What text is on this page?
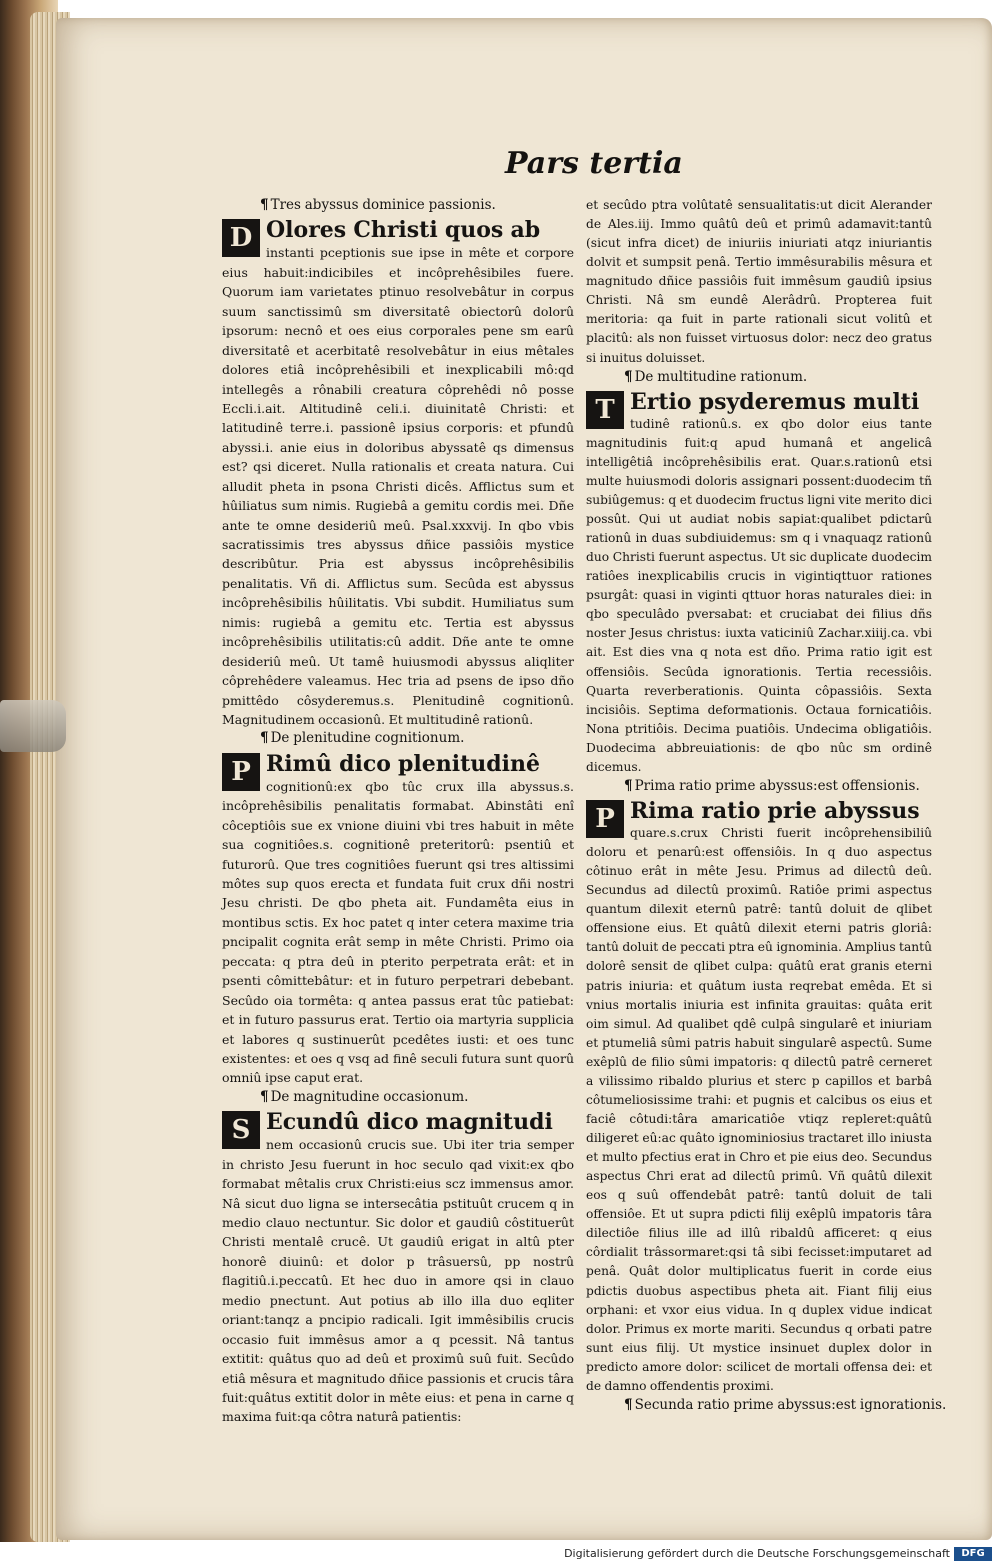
Pars tertia
¶ Tres abyssus dominice passionis.

D Olores Christi quos ab
instanti pceptionis sue ipse in mête et corpore eius habuit:indicibiles et incôprehêsibiles fuere. Quorum iam varietates ptinuo resolvebâtur in corpus suum sanctissimû sm diversitatê obiectorû dolorû ipsorum: necnô et oes eius corporales pene sm earû diversitatê et acerbitatê resolvebâtur in eius mêtales dolores etiâ incôprehêsibili et inexplicabili mô:qd intellegês a rônabili creatura côprehêdi nô posse Eccli.i.ait. Altitudinê celi.i. diuinitatê Christi: et latitudinê terre.i. passionê ipsius corporis: et pfundû abyssi.i. anie eius in doloribus abyssatê qs dimensus est? qsi diceret. Nulla rationalis et creata natura. Cui alludit pheta in psona Christi dicês. Afflictus sum et hûiliatus sum nimis. Rugiebâ a gemitu cordis mei. Dñe ante te omne desideriû meû. Psal.xxxvij. In qbo vbis sacratissimis tres abyssus dñice passiôis mystice describûtur. Pria est abyssus incôprehêsibilis penalitatis. Vñ di. Afflictus sum. Secûda est abyssus incôprehêsibilis hûilitatis. Vbi subdit. Humiliatus sum nimis: rugiebâ a gemitu etc. Tertia est abyssus incôprehêsibilis utilitatis:cû addit. Dñe ante te omne desideriû meû. Ut tamê huiusmodi abyssus aliqliter côprehêdere valeamus. Hec tria ad psens de ipso dño pmittêdo côsyderemus.s. Plenitudinê cognitionû. Magnitudinem occasionû. Et multitudinê rationû.

¶ De plenitudine cognitionum.

P Rimû dico plenitudinê
cognitionû:ex qbo tûc crux illa abyssus.s. incôprehêsibilis penalitatis formabat. Abinstâti enî côceptiôis sue ex vnione diuini vbi tres habuit in mête sua cognitiôes.s. cognitionê preteritorû: psentiû et futurorû. Que tres cognitiôes fuerunt qsi tres altissimi môtes sup quos erecta et fundata fuit crux dñi nostri Jesu christi. De qbo pheta ait. Fundamêta eius in montibus sctis. Ex hoc patet q inter cetera maxime tria pncipalit cognita erât semp in mête Christi. Primo oia peccata: q ptra deû in pterito perpetrata erât: et in psenti cômittebâtur: et in futuro perpetrari debebant. Secûdo oia tormêta: q antea passus erat tûc patiebat: et in futuro passurus erat. Tertio oia martyria supplicia et labores q sustinuerût pcedêtes iusti: et oes tunc existentes: et oes q vsq ad finê seculi futura sunt quorû omniû ipse caput erat.

¶ De magnitudine occasionum.

S Ecundû dico magnitudi
nem occasionû crucis sue. Ubi iter tria semper in christo Jesu fuerunt in hoc seculo qad vixit:ex qbo formabat mêtalis crux Christi:eius scz immensus amor. Nâ sicut duo ligna se intersecâtia pstituût crucem q in medio clauo nectuntur. Sic dolor et gaudiû côstituerût Christi mentalê crucê. Ut gaudiû erigat in altû pter honorê diuinû: et dolor p trâsuersû, pp nostrû flagitiû.i.peccatû. Et hec duo in amore qsi in clauo medio pnectunt. Aut potius ab illo illa duo eqliter oriant:tanqz a pncipio radicali. Igit immêsibilis crucis occasio fuit immêsus amor a q pcessit. Nâ tantus extitit: quâtus quo ad deû et proximû suû fuit. Secûdo etiâ mêsura et magnitudo dñice passionis et crucis târa fuit:quâtus extitit dolor in mête eius: et pena in carne q maxima fuit:qa côtra naturâ patientis:

et secûdo ptra volûtatê sensualitatis:ut dicit Alerander de Ales.iij. Immo quâtû deû et primû adamavit:tantû (sicut infra dicet) de iniuriis iniuriati atqz iniuriantis dolvit et sumpsit penâ. Tertio immêsurabilis mêsura et magnitudo dñice passiôis fuit immêsum gaudiû ipsius Christi. Nâ sm eundê Alerâdrû. Propterea fuit meritoria: qa fuit in parte rationali sicut volitû et placitû: als non fuisset virtuosus dolor: necz deo gratus si inuitus doluisset.

¶ De multitudine rationum.

T Ertio psyderemus multi
tudinê rationû.s. ex qbo dolor eius tante magnitudinis fuit:q apud humanâ et angelicâ intelligêtiâ incôprehêsibilis erat. Quar.s.rationû etsi multe huiusmodi doloris assignari possent:duodecim tñ subiûgemus: q et duodecim fructus ligni vite merito dici possût. Qui ut audiat nobis sapiat:qualibet pdictarû rationû in duas subdiuidemus: sm q i vnaquaqz rationû duo Christi fuerunt aspectus. Ut sic duplicate duodecim ratiôes inexplicabilis crucis in vigintiqttuor rationes psurgât: quasi in viginti qttuor horas naturales diei: in qbo speculâdo pversabat: et cruciabat dei filius dñs noster Jesus christus: iuxta vaticiniû Zachar.xiiij.ca. vbi ait. Est dies vna q nota est dño. Prima ratio igit est offensiôis. Secûda ignorationis. Tertia recessiôis. Quarta reverberationis. Quinta côpassiôis. Sexta incisiôis. Septima deformationis. Octaua fornicatiôis. Nona ptritiôis. Decima puatiôis. Undecima obligatiôis. Duodecima abbreuiationis: de qbo nûc sm ordinê dicemus.

¶ Prima ratio prime abyssus:est offensionis.

P Rima ratio prie abyssus
quare.s.crux Christi fuerit incôprehensibiliû doloru et penarû:est offensiôis. In q duo aspectus côtinuo erât in mête Jesu. Primus ad dilectû deû. Secundus ad dilectû proximû. Ratiôe primi aspectus quantum dilexit eternû patrê: tantû doluit de qlibet offensione eius. Et quâtû dilexit eterni patris gloriâ: tantû doluit de peccati ptra eû ignominia. Amplius tantû dolorê sensit de qlibet culpa: quâtû erat granis eterni patris iniuria: et quâtum iusta reqrebat emêda. Et si vnius mortalis iniuria est infinita grauitas: quâta erit oim simul. Ad qualibet qdê culpâ singularê et iniuriam et ptumeliâ sûmi patris habuit singularê aspectû. Sume exêplû de filio sûmi impatoris: q dilectû patrê cerneret a vilissimo ribaldo plurius et sterc p capillos et barbâ côtumeliosissime trahi: et pugnis et calcibus os eius et faciê côtudi:târa amaricatiôe vtiqz repleret:quâtû diligeret eû:ac quâto ignominiosius tractaret illo iniusta et multo pfectius erat in Chro et pie eius deo. Secundus aspectus Chri erat ad dilectû primû. Vñ quâtû dilexit eos q suû offendebât patrê: tantû doluit de tali offensiôe. Et ut supra pdicti filij exêplû impatoris târa dilectiôe filius ille ad illû ribaldû afficeret: q eius côrdialit trâssormaret:qsi tâ sibi fecisset:imputaret ad penâ. Quât dolor multiplicatus fuerit in corde eius pdictis duobus aspectibus pheta ait. Fiant filij eius orphani: et vxor eius vidua. In q duplex vidue indicat dolor. Primus ex morte mariti. Secundus q orbati patre sunt eius filij. Ut mystice insinuet duplex dolor in predicto amore dolor: scilicet de mortali offensa dei: et de damno offendentis proximi.

¶ Secunda ratio prime abyssus:est ignorationis.
Digitalisierung gefördert durch die Deutsche Forschungsgemeinschaft	DFG
